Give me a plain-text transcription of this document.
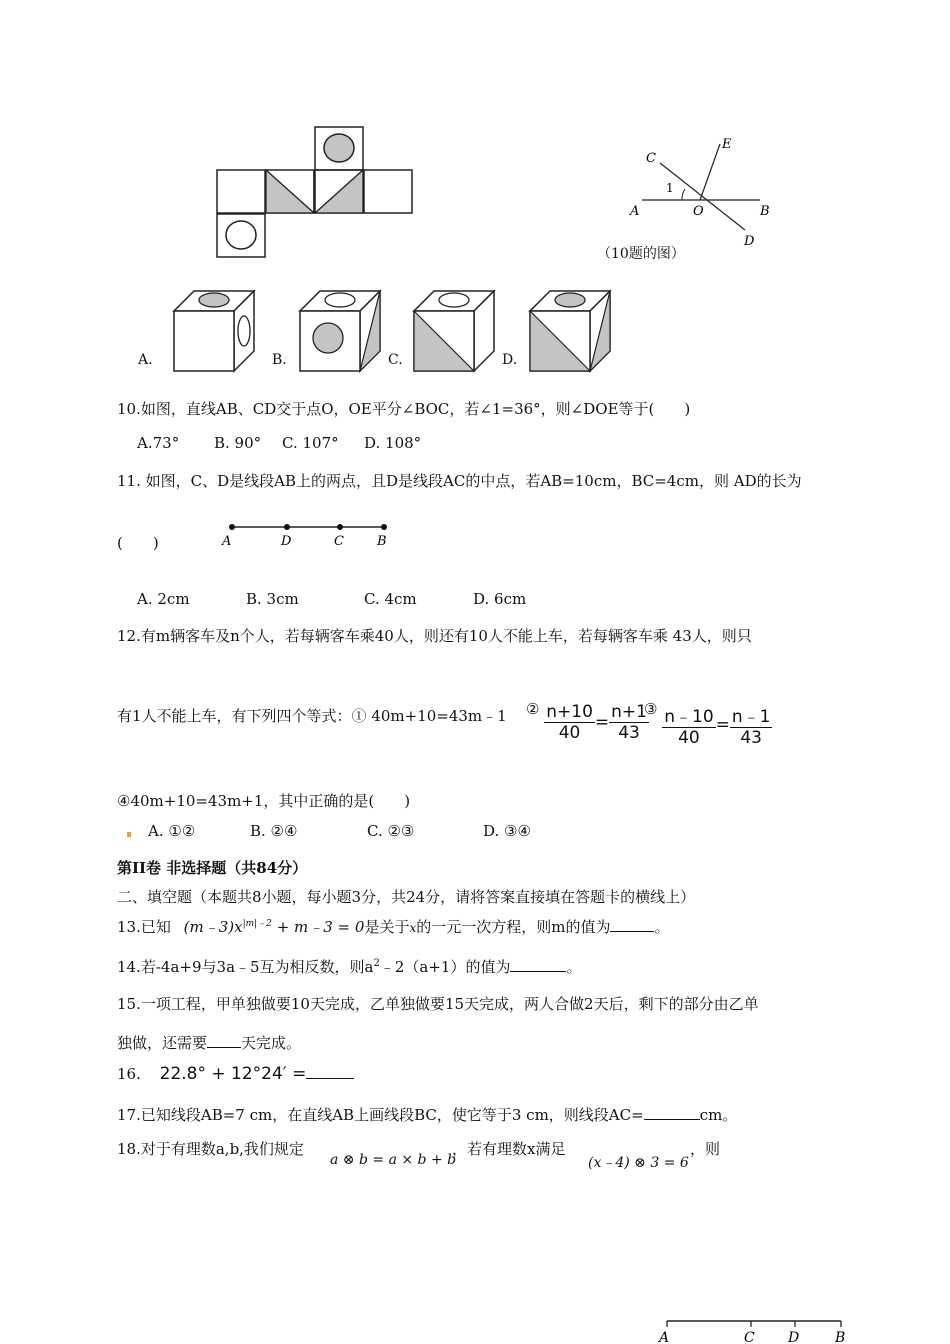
C
E
1
A	O	B
D
（10题的图）
A.	B.	C.	D.
10.如图，直线AB、CD交于点O，OE平分∠BOC，若∠1=36°，则∠DOE等于(　　)
A.73° B. 90° C. 107° D. 108°
11. 如图，C、D是线段AB上的两点，且D是线段AC的中点，若AB=10cm，BC=4cm，则 AD的长为
(　　)	A	D	C	B
A. 2cm	B. 3cm	C. 4cm	D. 6cm
12.有m辆客车及n个人，若每辆客车乘40人，则还有10人不能上车，若每辆客车乘 43人，则只
有1人不能上车，有下列四个等式：① 40m+10=43m﹣1 ② $\frac{n+10}{40} = \frac{n+1}{43}$
③ $\frac{n﹣10}{40} = \frac{n﹣1}{43}$
④40m+10=43m+1，其中正确的是(　　)
A. ①②	B. ②④	C. ②③	D. ③④
第II卷 非选择题（共84分）
二、填空题（本题共8小题，每小题3分，共24分，请将答案直接填在答题卡的横线上）
13.已知 $(m﹣3)x^{|m|﹣2}$ + m﹣3 = 0是关于x的一元一次方程，则m的值为	。
14.若-4a+9与3a﹣5互为相反数，则$a^2﹣2(a+1)$的值为	。
15.一项工程，甲单独做要10天完成，乙单独做要15天完成，两人合做2天后，剩下的部分由乙单
独做，还需要 天完成。
16. 22.8° + 12°24′ =
17.已知线段AB=7 cm，在直线AB上画线段BC，使它等于3 cm，则线段AC=	cm。
18.对于有理数a,b,我们规定
a ⊗ b = a × b + b
，若有理数x满足
(x﹣4) ⊗ 3 = 6
，则
A	C D	B
